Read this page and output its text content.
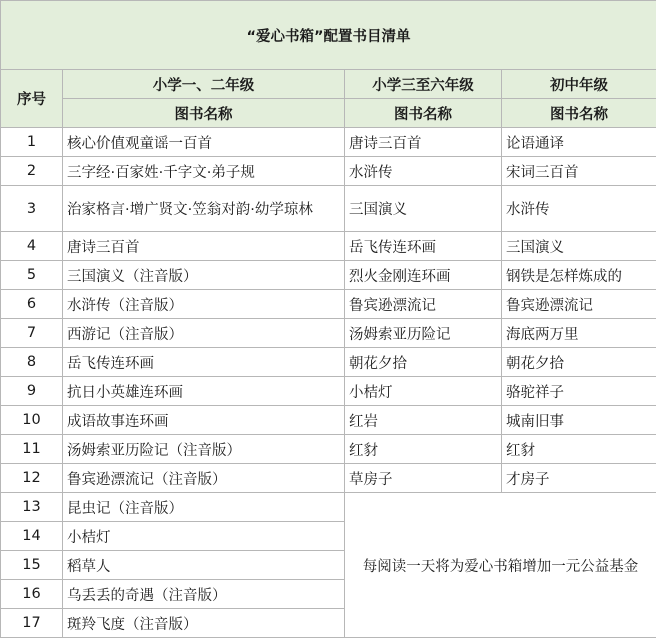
“爱心书箱”配置书目清单			
序号	小学一、二年级	小学三至六年级	初中年级
	图书名称	图书名称	图书名称
1	核心价值观童谣一百首	唐诗三百首	论语通译
2	三字经·百家姓·千字文·弟子规	水浒传	宋词三百首
3	治家格言·增广贤文·笠翁对韵·幼学琼林	三国演义	水浒传
4	唐诗三百首	岳飞传连环画	三国演义
5	三国演义（注音版）	烈火金刚连环画	钢铁是怎样炼成的
6	水浒传（注音版）	鲁宾逊漂流记	鲁宾逊漂流记
7	西游记（注音版）	汤姆索亚历险记	海底两万里
8	岳飞传连环画	朝花夕拾	朝花夕拾
9	抗日小英雄连环画	小桔灯	骆驼祥子
10	成语故事连环画	红岩	城南旧事
11	汤姆索亚历险记（注音版）	红豺	红豺
12	鲁宾逊漂流记（注音版）	草房子	才房子
13	昆虫记（注音版）	每阅读一天将为爱心书箱增加一元公益基金	
14	小桔灯		
15	稻草人		
16	乌丢丢的奇遇（注音版）		
17	斑羚飞度（注音版）		
